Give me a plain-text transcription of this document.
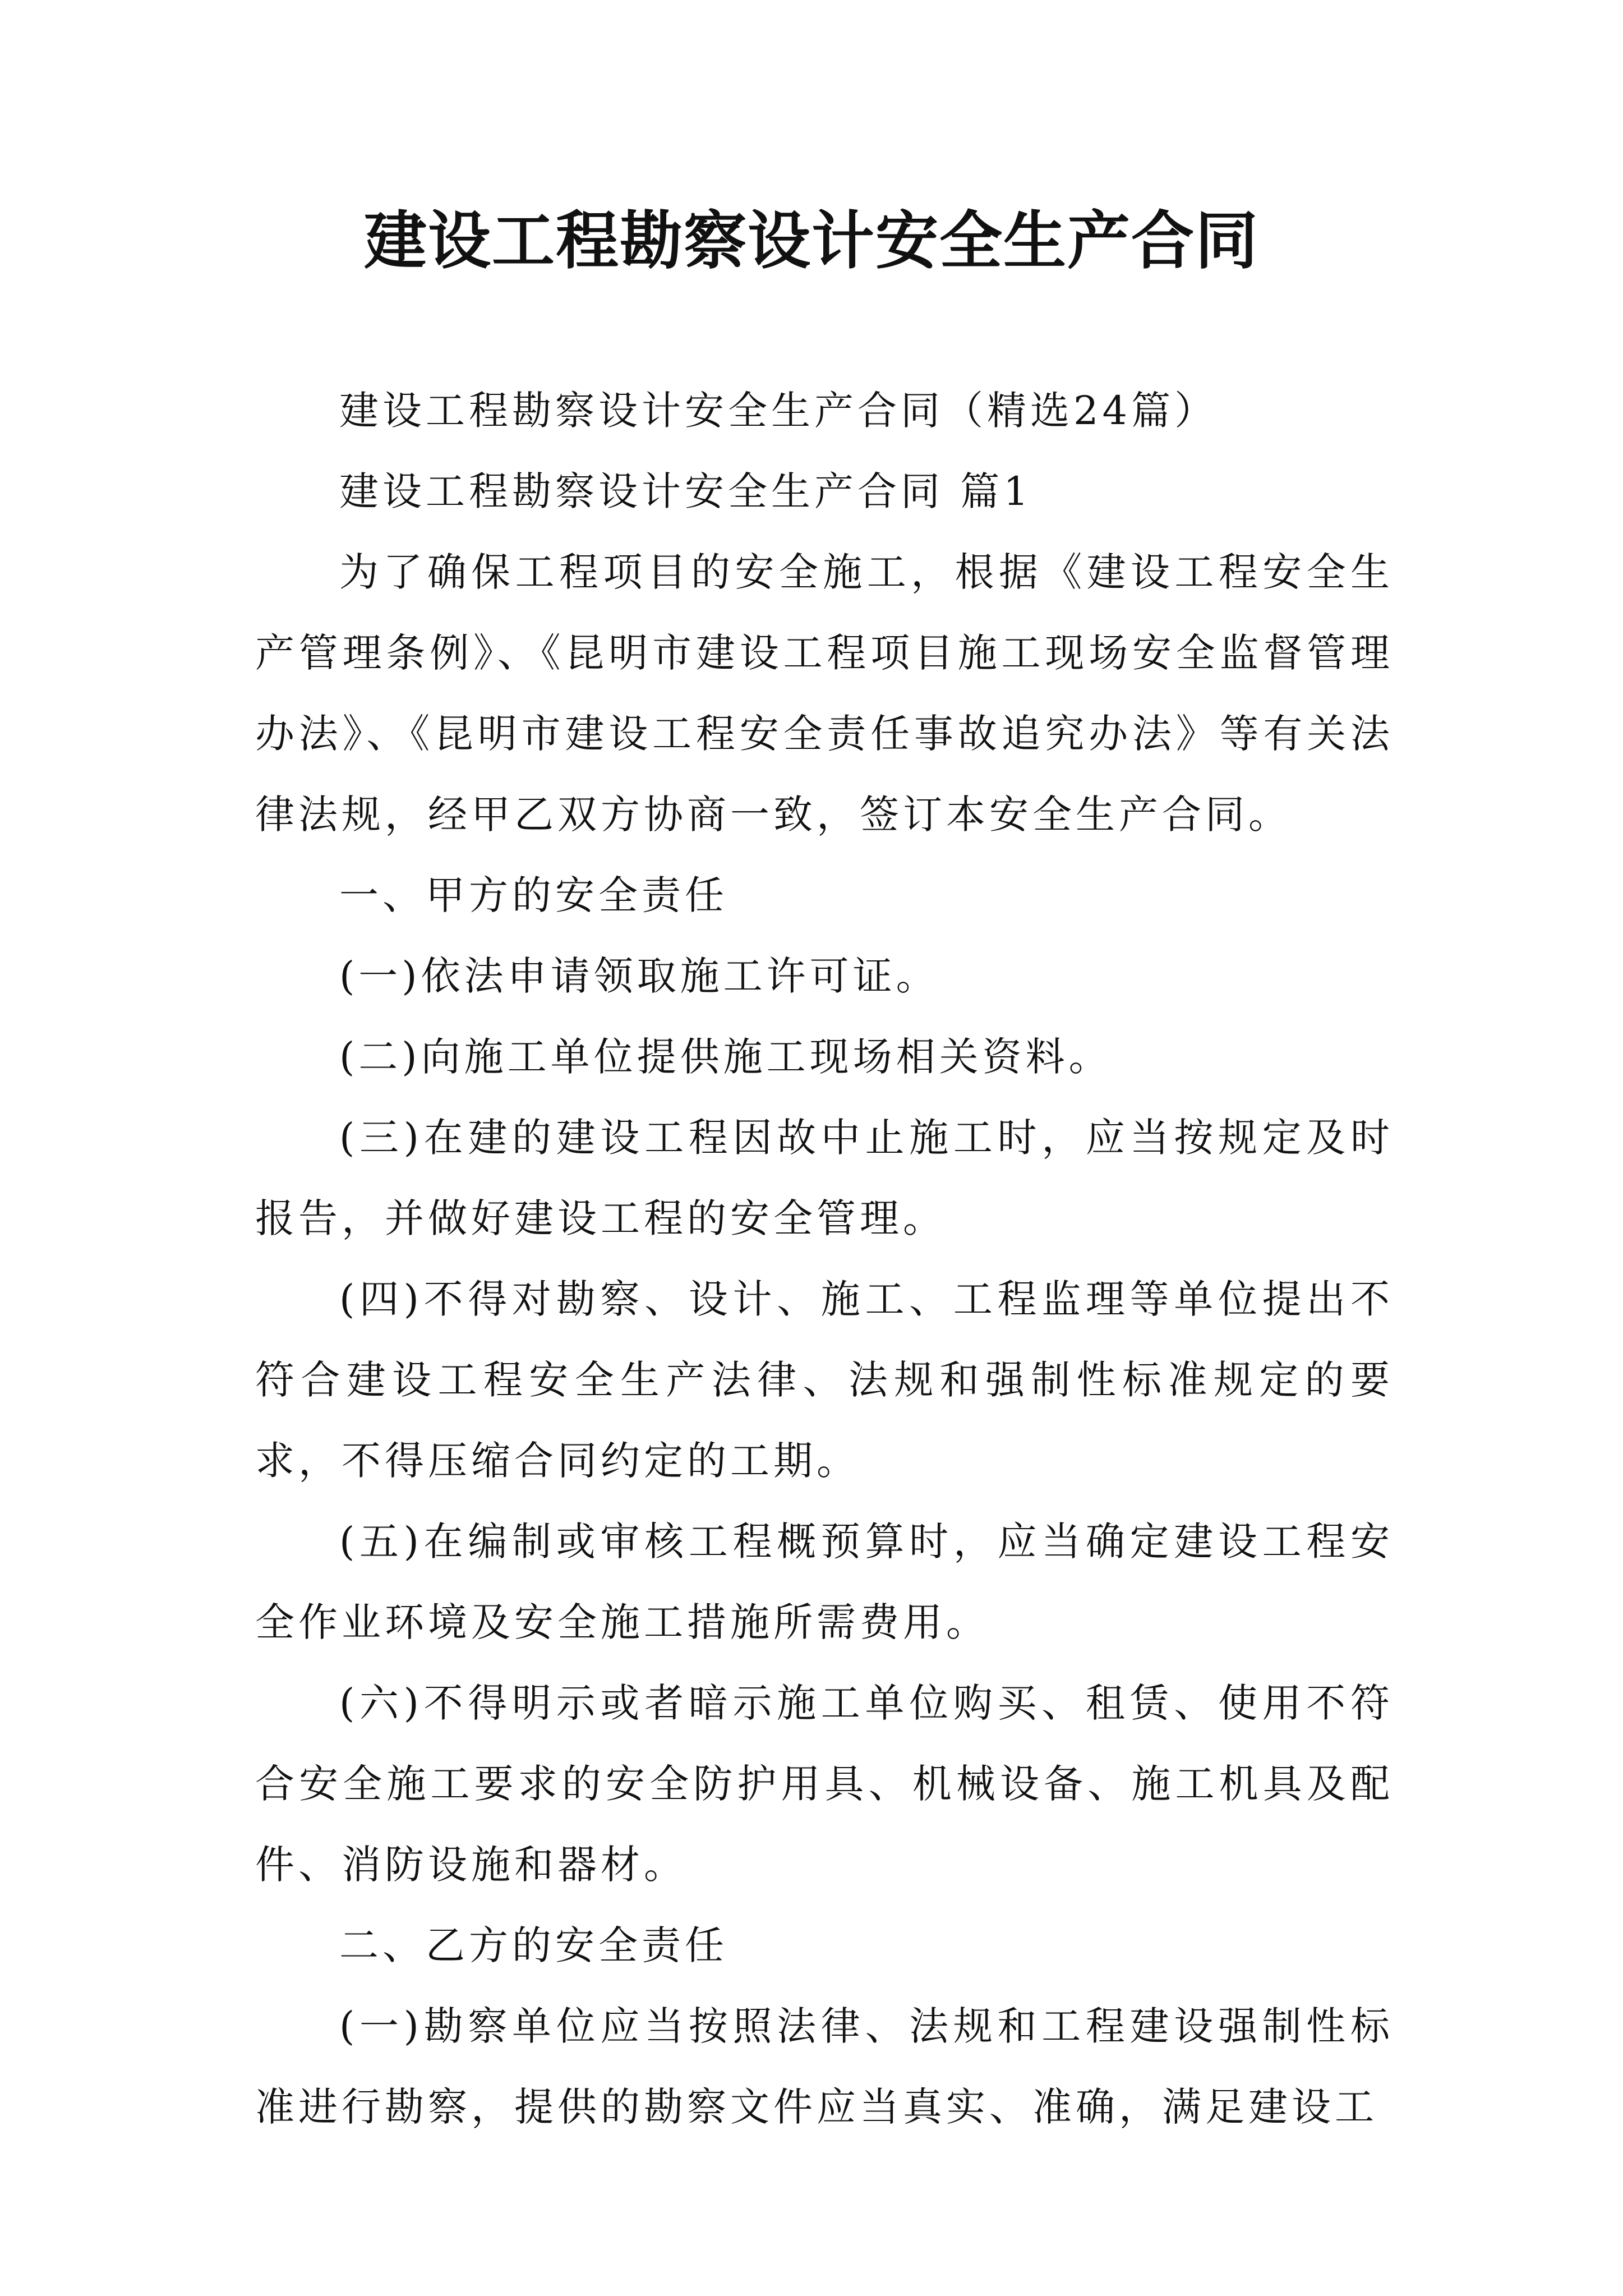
建设工程勘察设计安全生产合同

建设工程勘察设计安全生产合同（精选24篇）

建设工程勘察设计安全生产合同 篇1

为了确保工程项目的安全施工，根据《建设工程安全生产管理条例》、《昆明市建设工程项目施工现场安全监督管理办法》、《昆明市建设工程安全责任事故追究办法》等有关法律法规，经甲乙双方协商一致，签订本安全生产合同。

一、甲方的安全责任

(一)依法申请领取施工许可证。

(二)向施工单位提供施工现场相关资料。

(三)在建的建设工程因故中止施工时，应当按规定及时报告，并做好建设工程的安全管理。

(四)不得对勘察、设计、施工、工程监理等单位提出不符合建设工程安全生产法律、法规和强制性标准规定的要求，不得压缩合同约定的工期。

(五)在编制或审核工程概预算时，应当确定建设工程安全作业环境及安全施工措施所需费用。

(六)不得明示或者暗示施工单位购买、租赁、使用不符合安全施工要求的安全防护用具、机械设备、施工机具及配件、消防设施和器材。

二、乙方的安全责任

(一)勘察单位应当按照法律、法规和工程建设强制性标准进行勘察，提供的勘察文件应当真实、准确，满足建设工
